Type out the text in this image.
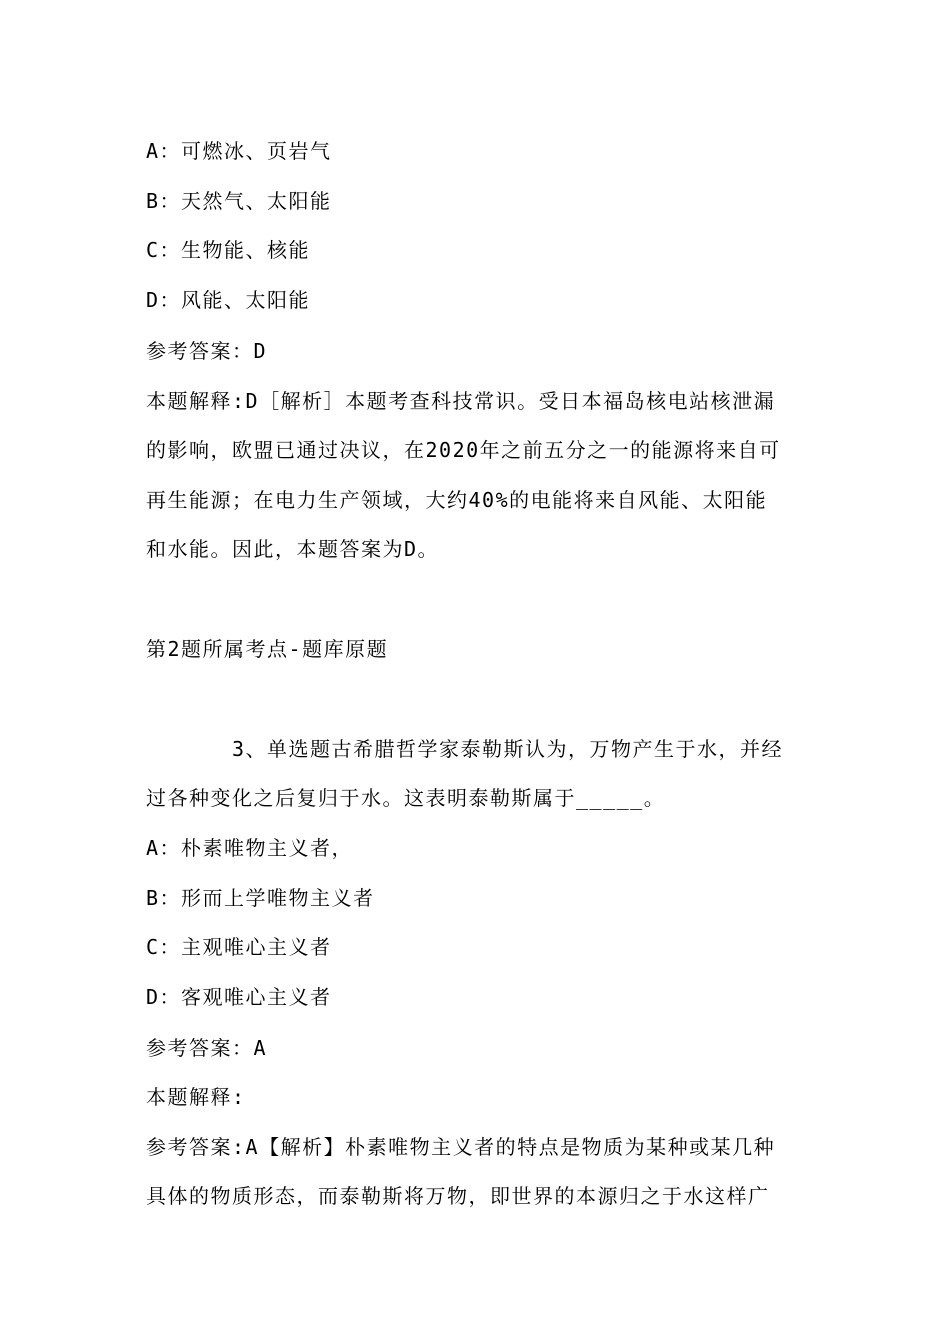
A：可燃冰、页岩气
B：天然气、太阳能
C：生物能、核能
D：风能、太阳能
参考答案：D
本题解释:D［解析］本题考查科技常识。受日本福岛核电站核泄漏
的影响，欧盟已通过决议，在2020年之前五分之一的能源将来自可
再生能源；在电力生产领域，大约40%的电能将来自风能、太阳能
和水能。因此，本题答案为D。
第2题所属考点-题库原题
3、单选题古希腊哲学家泰勒斯认为，万物产生于水，并经
过各种变化之后复归于水。这表明泰勒斯属于_____。
A：朴素唯物主义者，
B：形而上学唯物主义者
C：主观唯心主义者
D：客观唯心主义者
参考答案：A
本题解释:
参考答案:A【解析】朴素唯物主义者的特点是物质为某种或某几种
具体的物质形态，而泰勒斯将万物，即世界的本源归之于水这样广
